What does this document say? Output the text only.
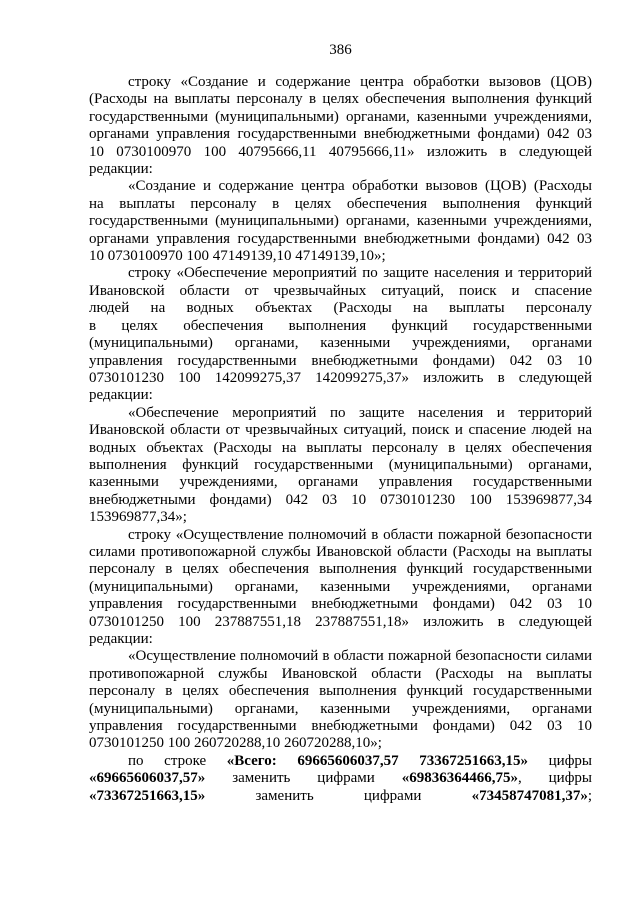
386
строку «Создание и содержание центра обработки вызовов (ЦОВ)
(Расходы на выплаты персоналу в целях обеспечения выполнения функций
государственными (муниципальными) органами, казенными учреждениями,
органами управления государственными внебюджетными фондами) 042 03
10 0730100970 100 40795666,11 40795666,11» изложить в следующей
редакции:
«Создание и содержание центра обработки вызовов (ЦОВ) (Расходы
на выплаты персоналу в целях обеспечения выполнения функций
государственными (муниципальными) органами, казенными учреждениями,
органами управления государственными внебюджетными фондами) 042 03
10 0730100970 100 47149139,10 47149139,10»;
строку «Обеспечение мероприятий по защите населения и территорий
Ивановской области от чрезвычайных ситуаций, поиск и спасение
людей на водных объектах (Расходы на выплаты персоналу
в целях обеспечения выполнения функций государственными
(муниципальными) органами, казенными учреждениями, органами
управления государственными внебюджетными фондами) 042 03 10
0730101230 100 142099275,37 142099275,37» изложить в следующей
редакции:
«Обеспечение мероприятий по защите населения и территорий
Ивановской области от чрезвычайных ситуаций, поиск и спасение людей на
водных объектах (Расходы на выплаты персоналу в целях обеспечения
выполнения функций государственными (муниципальными) органами,
казенными учреждениями, органами управления государственными
внебюджетными фондами) 042 03 10 0730101230 100 153969877,34
153969877,34»;
строку «Осуществление полномочий в области пожарной безопасности
силами противопожарной службы Ивановской области (Расходы на выплаты
персоналу в целях обеспечения выполнения функций государственными
(муниципальными) органами, казенными учреждениями, органами
управления государственными внебюджетными фондами) 042 03 10
0730101250 100 237887551,18 237887551,18» изложить в следующей
редакции:
«Осуществление полномочий в области пожарной безопасности силами
противопожарной службы Ивановской области (Расходы на выплаты
персоналу в целях обеспечения выполнения функций государственными
(муниципальными) органами, казенными учреждениями, органами
управления государственными внебюджетными фондами) 042 03 10
0730101250 100 260720288,10 260720288,10»;
по строке «Всего: 69665606037,57 73367251663,15» цифры
«69665606037,57» заменить цифрами «69836364466,75», цифры
«73367251663,15» заменить цифрами «73458747081,37»;
